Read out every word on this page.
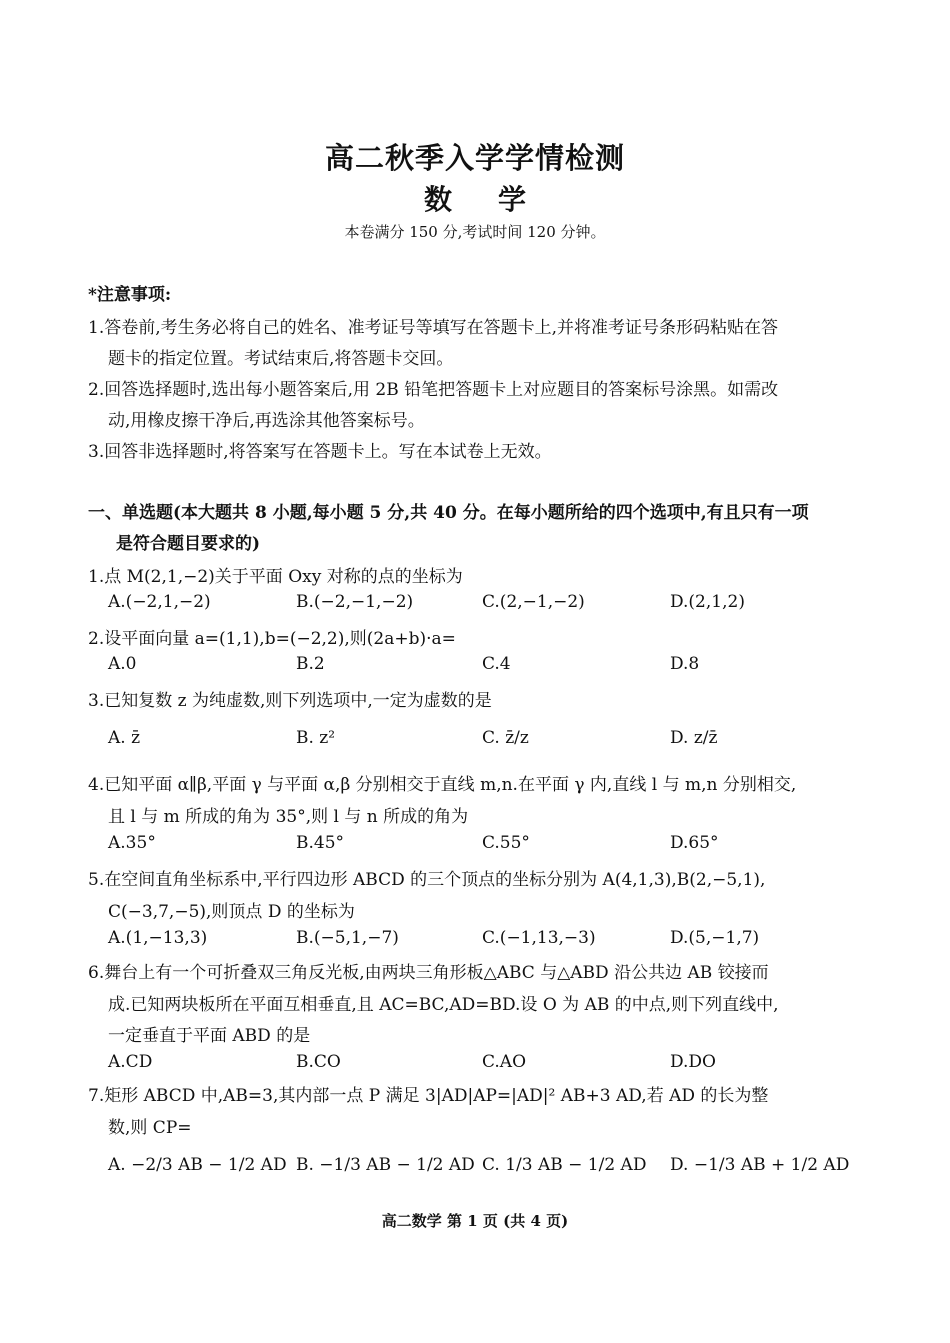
高二秋季入学学情检测
数学
本卷满分 150 分,考试时间 120 分钟。
*注意事项:
1.答卷前,考生务必将自己的姓名、准考证号等填写在答题卡上,并将准考证号条形码粘贴在答
题卡的指定位置。考试结束后,将答题卡交回。
2.回答选择题时,选出每小题答案后,用 2B 铅笔把答题卡上对应题目的答案标号涂黑。如需改
动,用橡皮擦干净后,再选涂其他答案标号。
3.回答非选择题时,将答案写在答题卡上。写在本试卷上无效。
一、单选题(本大题共 8 小题,每小题 5 分,共 40 分。在每小题所给的四个选项中,有且只有一项
是符合题目要求的)
1.点 M(2,1,−2)关于平面 Oxy 对称的点的坐标为
A.(−2,1,−2)	B.(−2,−1,−2)	C.(2,−1,−2)	D.(2,1,2)
2.设平面向量 a=(1,1),b=(−2,2),则(2a+b)·a=
A.0	B.2	C.4	D.8
3.已知复数 z 为纯虚数,则下列选项中,一定为虚数的是
A. z̄	B. z²	C. z̄/z	D. z/z̄
4.已知平面 α∥β,平面 γ 与平面 α,β 分别相交于直线 m,n.在平面 γ 内,直线 l 与 m,n 分别相交,
且 l 与 m 所成的角为 35°,则 l 与 n 所成的角为
A.35°	B.45°	C.55°	D.65°
5.在空间直角坐标系中,平行四边形 ABCD 的三个顶点的坐标分别为 A(4,1,3),B(2,−5,1),
C(−3,7,−5),则顶点 D 的坐标为
A.(1,−13,3)	B.(−5,1,−7)	C.(−1,13,−3)	D.(5,−1,7)
6.舞台上有一个可折叠双三角反光板,由两块三角形板△ABC 与△ABD 沿公共边 AB 铰接而
成.已知两块板所在平面互相垂直,且 AC=BC,AD=BD.设 O 为 AB 的中点,则下列直线中,
一定垂直于平面 ABD 的是
A.CD	B.CO	C.AO	D.DO
7.矩形 ABCD 中,AB=3,其内部一点 P 满足 3|AD|AP=|AD|² AB+3 AD,若 AD 的长为整
数,则 CP=
A. −2/3 AB − 1/2 AD B. −1/3 AB − 1/2 AD C. 1/3 AB − 1/2 AD D. −1/3 AB + 1/2 AD
高二数学 第 1 页 (共 4 页)
